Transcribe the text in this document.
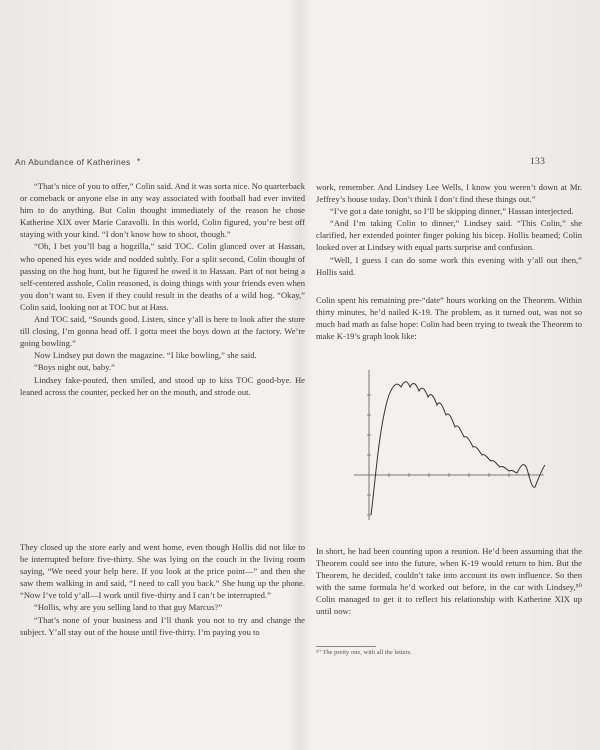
An Abundance of Katherines •	133

“That’s nice of you to offer,” Colin said. And it was sorta nice. No quarterback or comeback or anyone else in any way associated with football had ever invited him to do anything. But Colin thought immediately of the reason he chose Katherine XIX over Marie Caravolli. In this world, Colin figured, you’re best off staying with your kind. “I don’t know how to shoot, though.”

“Oh, I bet you’ll bag a hogzilla,” said TOC. Colin glanced over at Hassan, who opened his eyes wide and nodded subtly. For a split second, Colin thought of passing on the hog hunt, but he figured he owed it to Hassan. Part of not being a self-centered asshole, Colin reasoned, is doing things with your friends even when you don’t want to. Even if they could result in the deaths of a wild hog. “Okay,” Colin said, looking not at TOC but at Hass.

And TOC said, “Sounds good. Listen, since y’all is here to look after the store till closing, I’m gonna head off. I gotta meet the boys down at the factory. We’re going bowling.”

Now Lindsey put down the magazine. “I like bowling,” she said.

“Boys night out, baby.”

Lindsey fake-pouted, then smiled, and stood up to kiss TOC good-bye. He leaned across the counter, pecked her on the mouth, and strode out.

They closed up the store early and went home, even though Hollis did not like to be interrupted before five-thirty. She was lying on the couch in the living room saying, “We need your help here. If you look at the price point—” and then she saw them walking in and said, “I need to call you back.” She hung up the phone. “Now I’ve told y’all—I work until five-thirty and I can’t be interrupted.”

“Hollis, why are you selling land to that guy Marcus?”

“That’s none of your business and I’ll thank you not to try and change the subject. Y’all stay out of the house until five-thirty. I’m paying you to

work, remember. And Lindsey Lee Wells, I know you weren’t down at Mr. Jeffrey’s house today. Don’t think I don’t find these things out.”

“I’ve got a date tonight, so I’ll be skipping dinner,” Hassan interjected.

“And I’m taking Colin to dinner,” Lindsey said. “This Colin,” she clarified, her extended pointer finger poking his bicep. Hollis beamed; Colin looked over at Lindsey with equal parts surprise and confusion.

“Well, I guess I can do some work this evening with y’all out then,” Hollis said.

Colin spent his remaining pre-“date” hours working on the Theorem. Within thirty minutes, he’d nailed K-19. The problem, as it turned out, was not so much bad math as false hope: Colin had been trying to tweak the Theorem to make K-19’s graph look like:

In short, he had been counting upon a reunion. He’d been assuming that the Theorem could see into the future, when K-19 would return to him. But the Theorem, he decided, couldn’t take into account its own influence. So then with the same formula he’d worked out before, in the car with Lindsey,⁵⁰ Colin managed to get it to reflect his relationship with Katherine XIX up until now:

⁵⁰ The pretty one, with all the letters.
